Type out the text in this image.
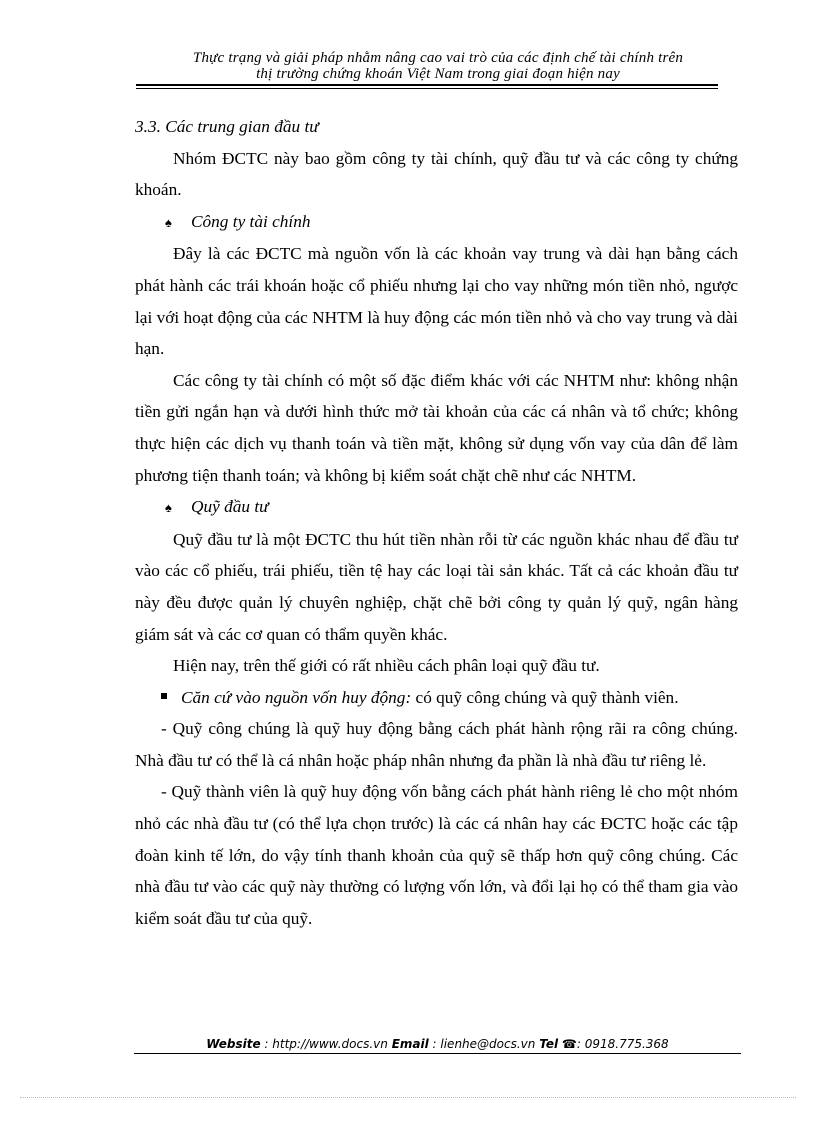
Thực trạng và giải pháp nhằm nâng cao vai trò của các định chế tài chính trên
thị trường chứng khoán Việt Nam trong giai đoạn hiện nay

3.3. Các trung gian đầu tư

Nhóm ĐCTC này bao gồm công ty tài chính, quỹ đầu tư và các công ty chứng khoán.

♠ Công ty tài chính

Đây là các ĐCTC mà nguồn vốn là các khoản vay trung và dài hạn bằng cách phát hành các trái khoán hoặc cổ phiếu nhưng lại cho vay những món tiền nhỏ, ngược lại với hoạt động của các NHTM là huy động các món tiền nhỏ và cho vay trung và dài hạn.

Các công ty tài chính có một số đặc điểm khác với các NHTM như: không nhận tiền gửi ngắn hạn và dưới hình thức mở tài khoản của các cá nhân và tổ chức; không thực hiện các dịch vụ thanh toán và tiền mặt, không sử dụng vốn vay của dân để làm phương tiện thanh toán; và không bị kiểm soát chặt chẽ như các NHTM.

♠ Quỹ đầu tư

Quỹ đầu tư là một ĐCTC thu hút tiền nhàn rỗi từ các nguồn khác nhau để đầu tư vào các cổ phiếu, trái phiếu, tiền tệ hay các loại tài sản khác. Tất cả các khoản đầu tư này đều được quản lý chuyên nghiệp, chặt chẽ bởi công ty quản lý quỹ, ngân hàng giám sát và các cơ quan có thẩm quyền khác.

Hiện nay, trên thế giới có rất nhiều cách phân loại quỹ đầu tư.

Căn cứ vào nguồn vốn huy động: có quỹ công chúng và quỹ thành viên.

- Quỹ công chúng là quỹ huy động bằng cách phát hành rộng rãi ra công chúng. Nhà đầu tư có thể là cá nhân hoặc pháp nhân nhưng đa phần là nhà đầu tư riêng lẻ.

- Quỹ thành viên là quỹ huy động vốn bằng cách phát hành riêng lẻ cho một nhóm nhỏ các nhà đầu tư (có thể lựa chọn trước) là các cá nhân hay các ĐCTC hoặc các tập đoàn kinh tế lớn, do vậy tính thanh khoản của quỹ sẽ thấp hơn quỹ công chúng. Các nhà đầu tư vào các quỹ này thường có lượng vốn lớn, và đổi lại họ có thể tham gia vào kiểm soát đầu tư của quỹ.

Website : http://www.docs.vn Email : lienhe@docs.vn Tel ☎: 0918.775.368
